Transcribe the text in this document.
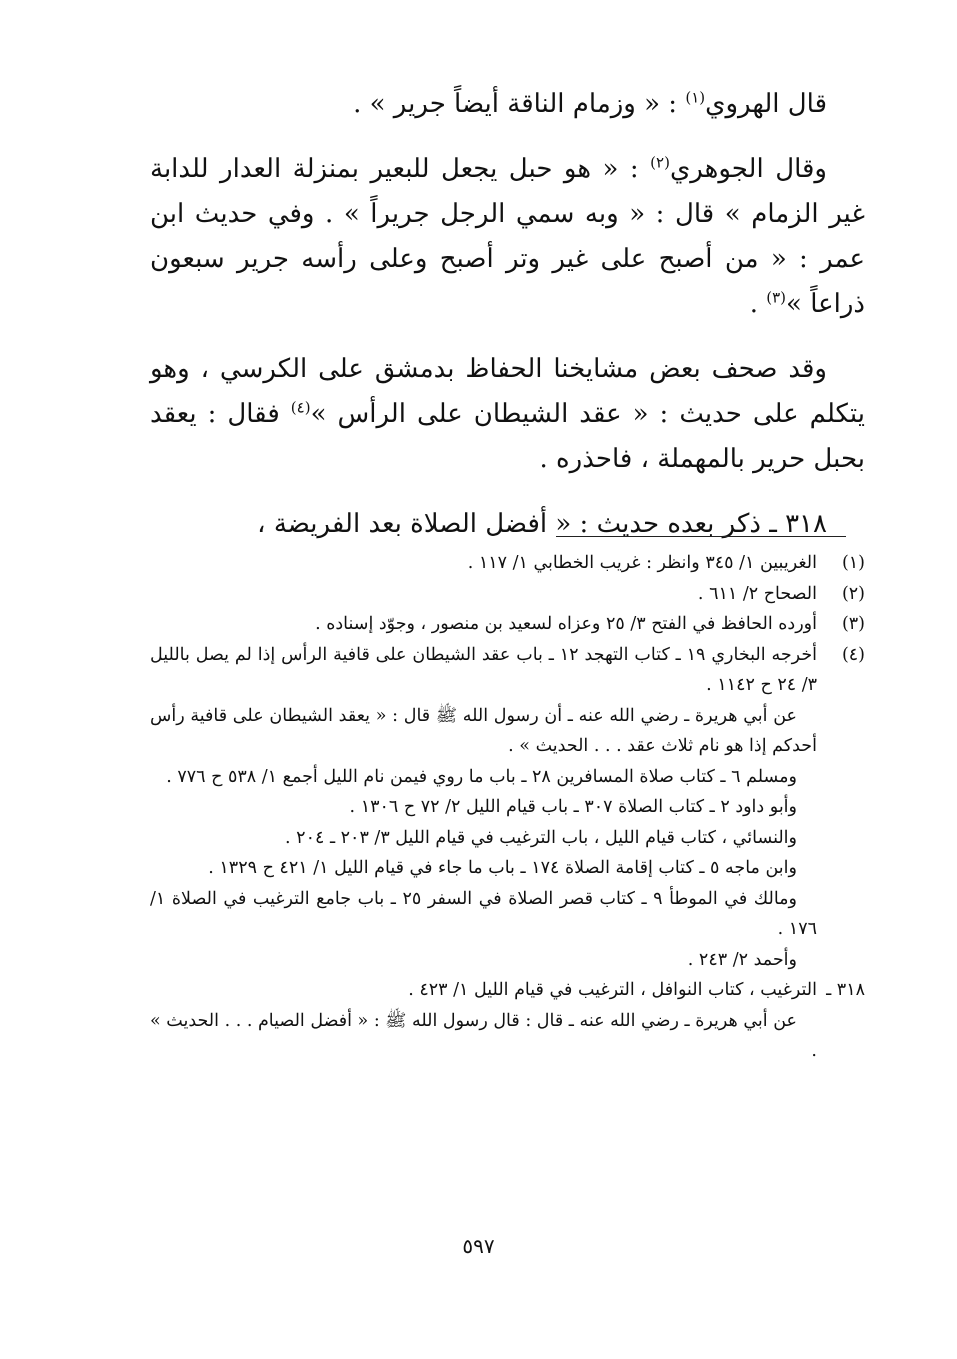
قال الهروي$^{(١)}$ : « وزمام الناقة أيضاً جرير » .

وقال الجوهري$^{(٢)}$ : « هو حبل يجعل للبعير بمنزلة العدار للدابة غير الزمام » قال : « وبه سمي الرجل جريراً » . وفي حديث ابن عمر : « من أصبح على غير وتر أصبح وعلى رأسه جرير سبعون ذراعاً »$^{(٣)}$ .

وقد صحف بعض مشايخنا الحفاظ بدمشق على الكرسي ، وهو يتكلم على حديث : « عقد الشيطان على الرأس »$^{(٤)}$ فقال : يعقد بحبل حرير بالمهملة ، فاحذره .

٣١٨ ـ ذكر بعده حديث : « أفضل الصلاة بعد الفريضة ،

(١)
الغريبين ١/ ٣٤٥ وانظر : غريب الخطابي ١/ ١١٧ .
(٢)
الصحاح ٢/ ٦١١ .
(٣)
أورده الحافظ في الفتح ٣/ ٢٥ وعزاه لسعيد بن منصور ، وجوّد إسناده .
(٤)
أخرجه البخاري ١٩ ـ كتاب التهجد ١٢ ـ باب عقد الشيطان على قافية الرأس إذا لم يصل بالليل ٣/ ٢٤ ح ١١٤٢ .
عن أبي هريرة ـ رضي الله عنه ـ أن رسول الله ﷺ قال : « يعقد الشيطان على قافية رأس أحدكم إذا هو نام ثلاث عقد . . . الحديث » .
ومسلم ٦ ـ كتاب صلاة المسافرين ٢٨ ـ باب ما روي فيمن نام الليل أجمع ١/ ٥٣٨ ح ٧٧٦ .
وأبو داود ٢ ـ كتاب الصلاة ٣٠٧ ـ باب قيام الليل ٢/ ٧٢ ح ١٣٠٦ .
والنسائي ، كتاب قيام الليل ، باب الترغيب في قيام الليل ٣/ ٢٠٣ ـ ٢٠٤ .
وابن ماجه ٥ ـ كتاب إقامة الصلاة ١٧٤ ـ باب ما جاء في قيام الليل ١/ ٤٢١ ح ١٣٢٩ .
ومالك في الموطأ ٩ ـ كتاب قصر الصلاة في السفر ٢٥ ـ باب جامع الترغيب في الصلاة ١/ ١٧٦ .
وأحمد ٢/ ٢٤٣ .
٣١٨ ـ
الترغيب ، كتاب النوافل ، الترغيب في قيام الليل ١/ ٤٢٣ .
عن أبي هريرة ـ رضي الله عنه ـ قال : قال رسول الله ﷺ : « أفضل الصيام . . . الحديث » .
٥٩٧
